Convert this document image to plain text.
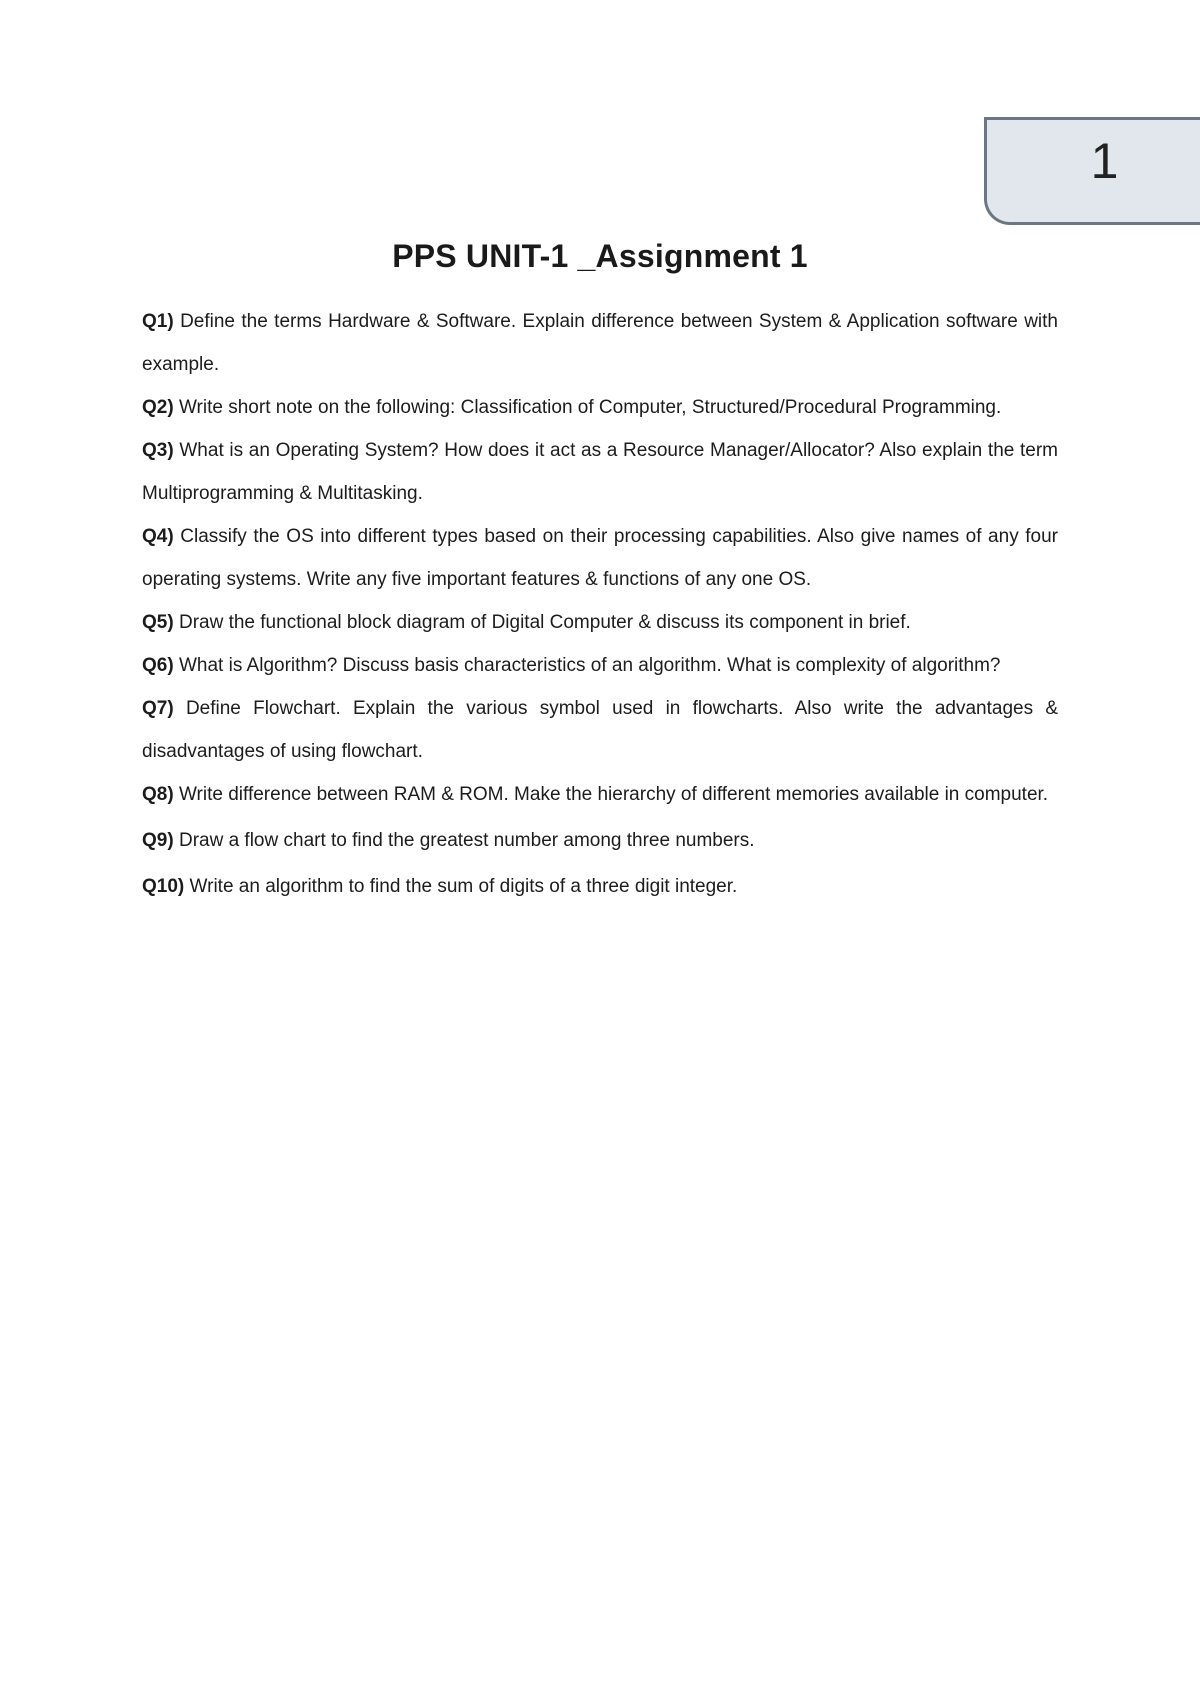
1
PPS UNIT-1 _Assignment 1
Q1) Define the terms Hardware & Software. Explain difference between System & Application software with example.
Q2) Write short note on the following: Classification of Computer, Structured/Procedural Programming.
Q3) What is an Operating System? How does it act as a Resource Manager/Allocator? Also explain the term Multiprogramming & Multitasking.
Q4) Classify the OS into different types based on their processing capabilities. Also give names of any four operating systems. Write any five important features & functions of any one OS.
Q5) Draw the functional block diagram of Digital Computer & discuss its component in brief.
Q6) What is Algorithm? Discuss basis characteristics of an algorithm. What is complexity of algorithm?
Q7) Define Flowchart. Explain the various symbol used in flowcharts. Also write the advantages & disadvantages of using flowchart.
Q8) Write difference between RAM & ROM. Make the hierarchy of different memories available in computer.
Q9) Draw a flow chart to find the greatest number among three numbers.
Q10) Write an algorithm to find the sum of digits of a three digit integer.
